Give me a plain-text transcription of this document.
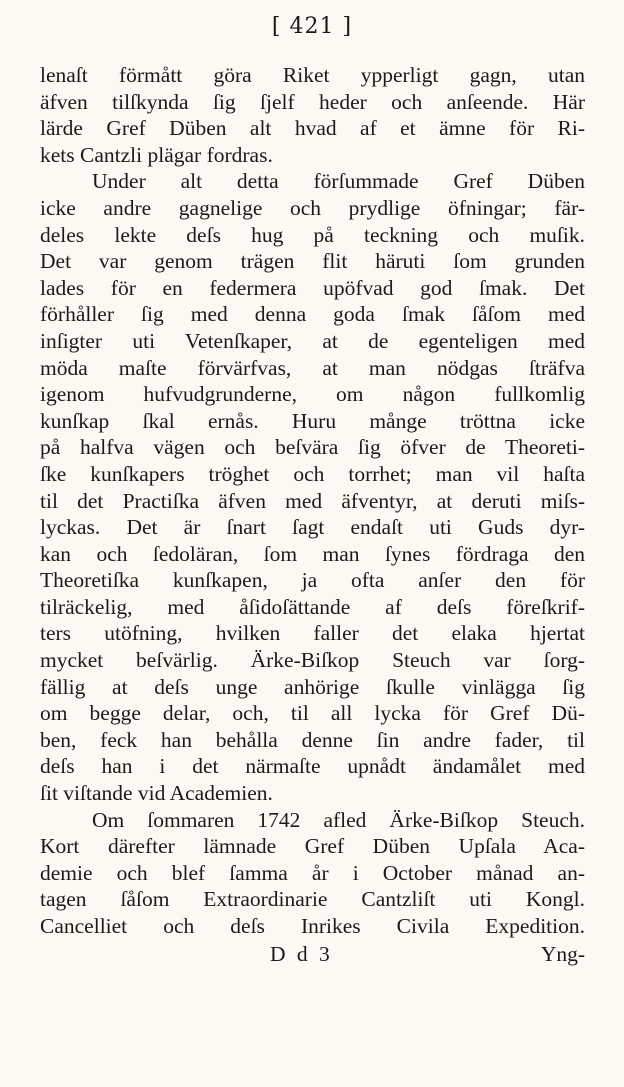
[ 421 ]
lenaſt förmått göra Riket ypperligt gagn, utan
äfven tilſkynda ſig ſjelf heder och anſeende. Här
lärde Gref Düben alt hvad af et ämne för Ri-
kets Cantzli plägar fordras.
Under alt detta förſummade Gref Düben
icke andre gagnelige och prydlige öfningar; fär-
deles lekte deſs hug på teckning och muſik.
Det var genom trägen flit häruti ſom grunden
lades för en federmera upöfvad god ſmak. Det
förhåller ſig med denna goda ſmak ſåſom med
inſigter uti Vetenſkaper, at de egenteligen med
möda maſte förvärfvas, at man nödgas ſträfva
igenom hufvudgrunderne, om någon fullkomlig
kunſkap ſkal ernås. Huru månge tröttna icke
på halfva vägen och beſvära ſig öfver de Theoreti-
ſke kunſkapers tröghet och torrhet; man vil haſta
til det Practiſka äfven med äfventyr, at deruti miſs-
lyckas. Det är ſnart ſagt endaſt uti Guds dyr-
kan och ſedoläran, ſom man ſynes fördraga den
Theoretiſka kunſkapen, ja ofta anſer den för
tilräckelig, med åſidoſättande af deſs föreſkrif-
ters utöfning, hvilken faller det elaka hjertat
mycket beſvärlig. Ärke-Biſkop Steuch var ſorg-
fällig at deſs unge anhörige ſkulle vinlägga ſig
om begge delar, och, til all lycka för Gref Dü-
ben, feck han behålla denne ſin andre fader, til
deſs han i det närmaſte upnådt ändamålet med
ſit viſtande vid Academien.
Om ſommaren 1742 afled Ärke-Biſkop Steuch.
Kort därefter lämnade Gref Düben Upſala Aca-
demie och blef ſamma år i October månad an-
tagen ſåſom Extraordinarie Cantzliſt uti Kongl.
Cancelliet och deſs Inrikes Civila Expedition.
D d 3	Yng-
